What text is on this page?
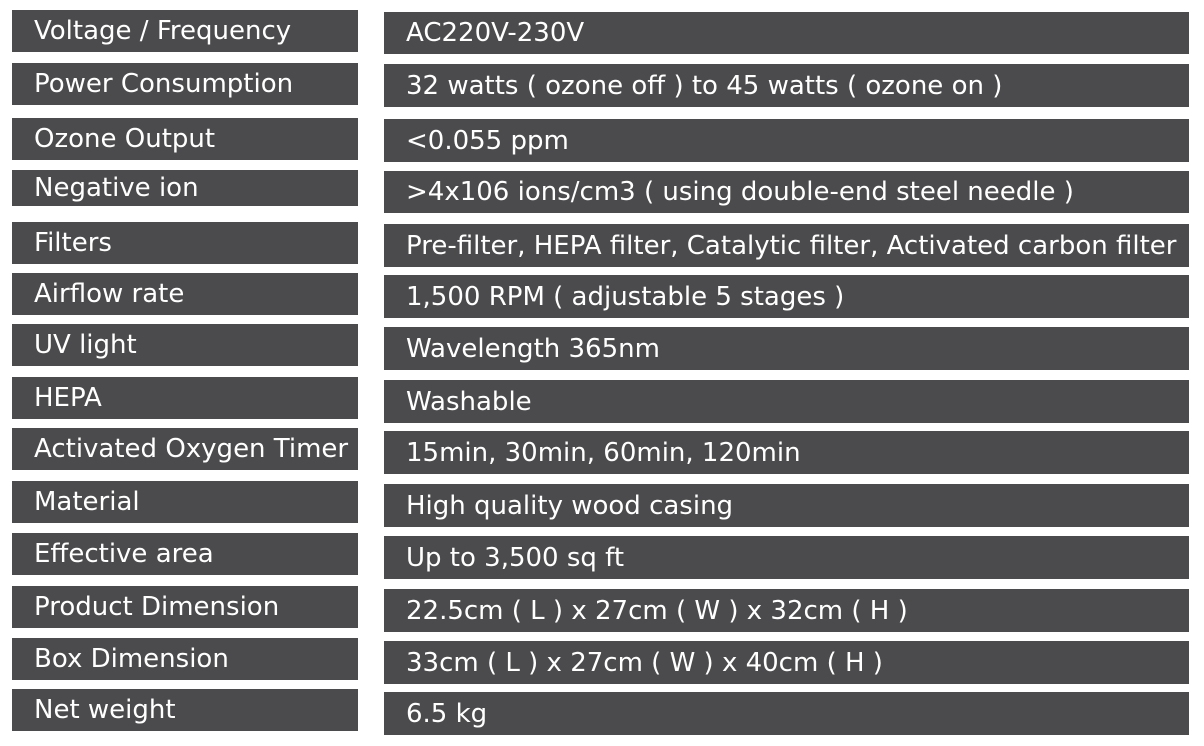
Voltage / Frequency	AC220V-230V
Power Consumption	32 watts ( ozone off ) to 45 watts ( ozone on )
Ozone Output	<0.055 ppm
Negative ion	>4x106 ions/cm3 ( using double-end steel needle )
Filters	Pre-filter, HEPA filter, Catalytic filter, Activated carbon filter
Airflow rate	1,500 RPM ( adjustable 5 stages )
UV light	Wavelength 365nm
HEPA	Washable
Activated Oxygen Timer	15min, 30min, 60min, 120min
Material	High quality wood casing
Effective area	Up to 3,500 sq ft
Product Dimension	22.5cm ( L ) x 27cm ( W ) x 32cm ( H )
Box Dimension	33cm ( L ) x 27cm ( W ) x 40cm ( H )
Net weight	6.5 kg
